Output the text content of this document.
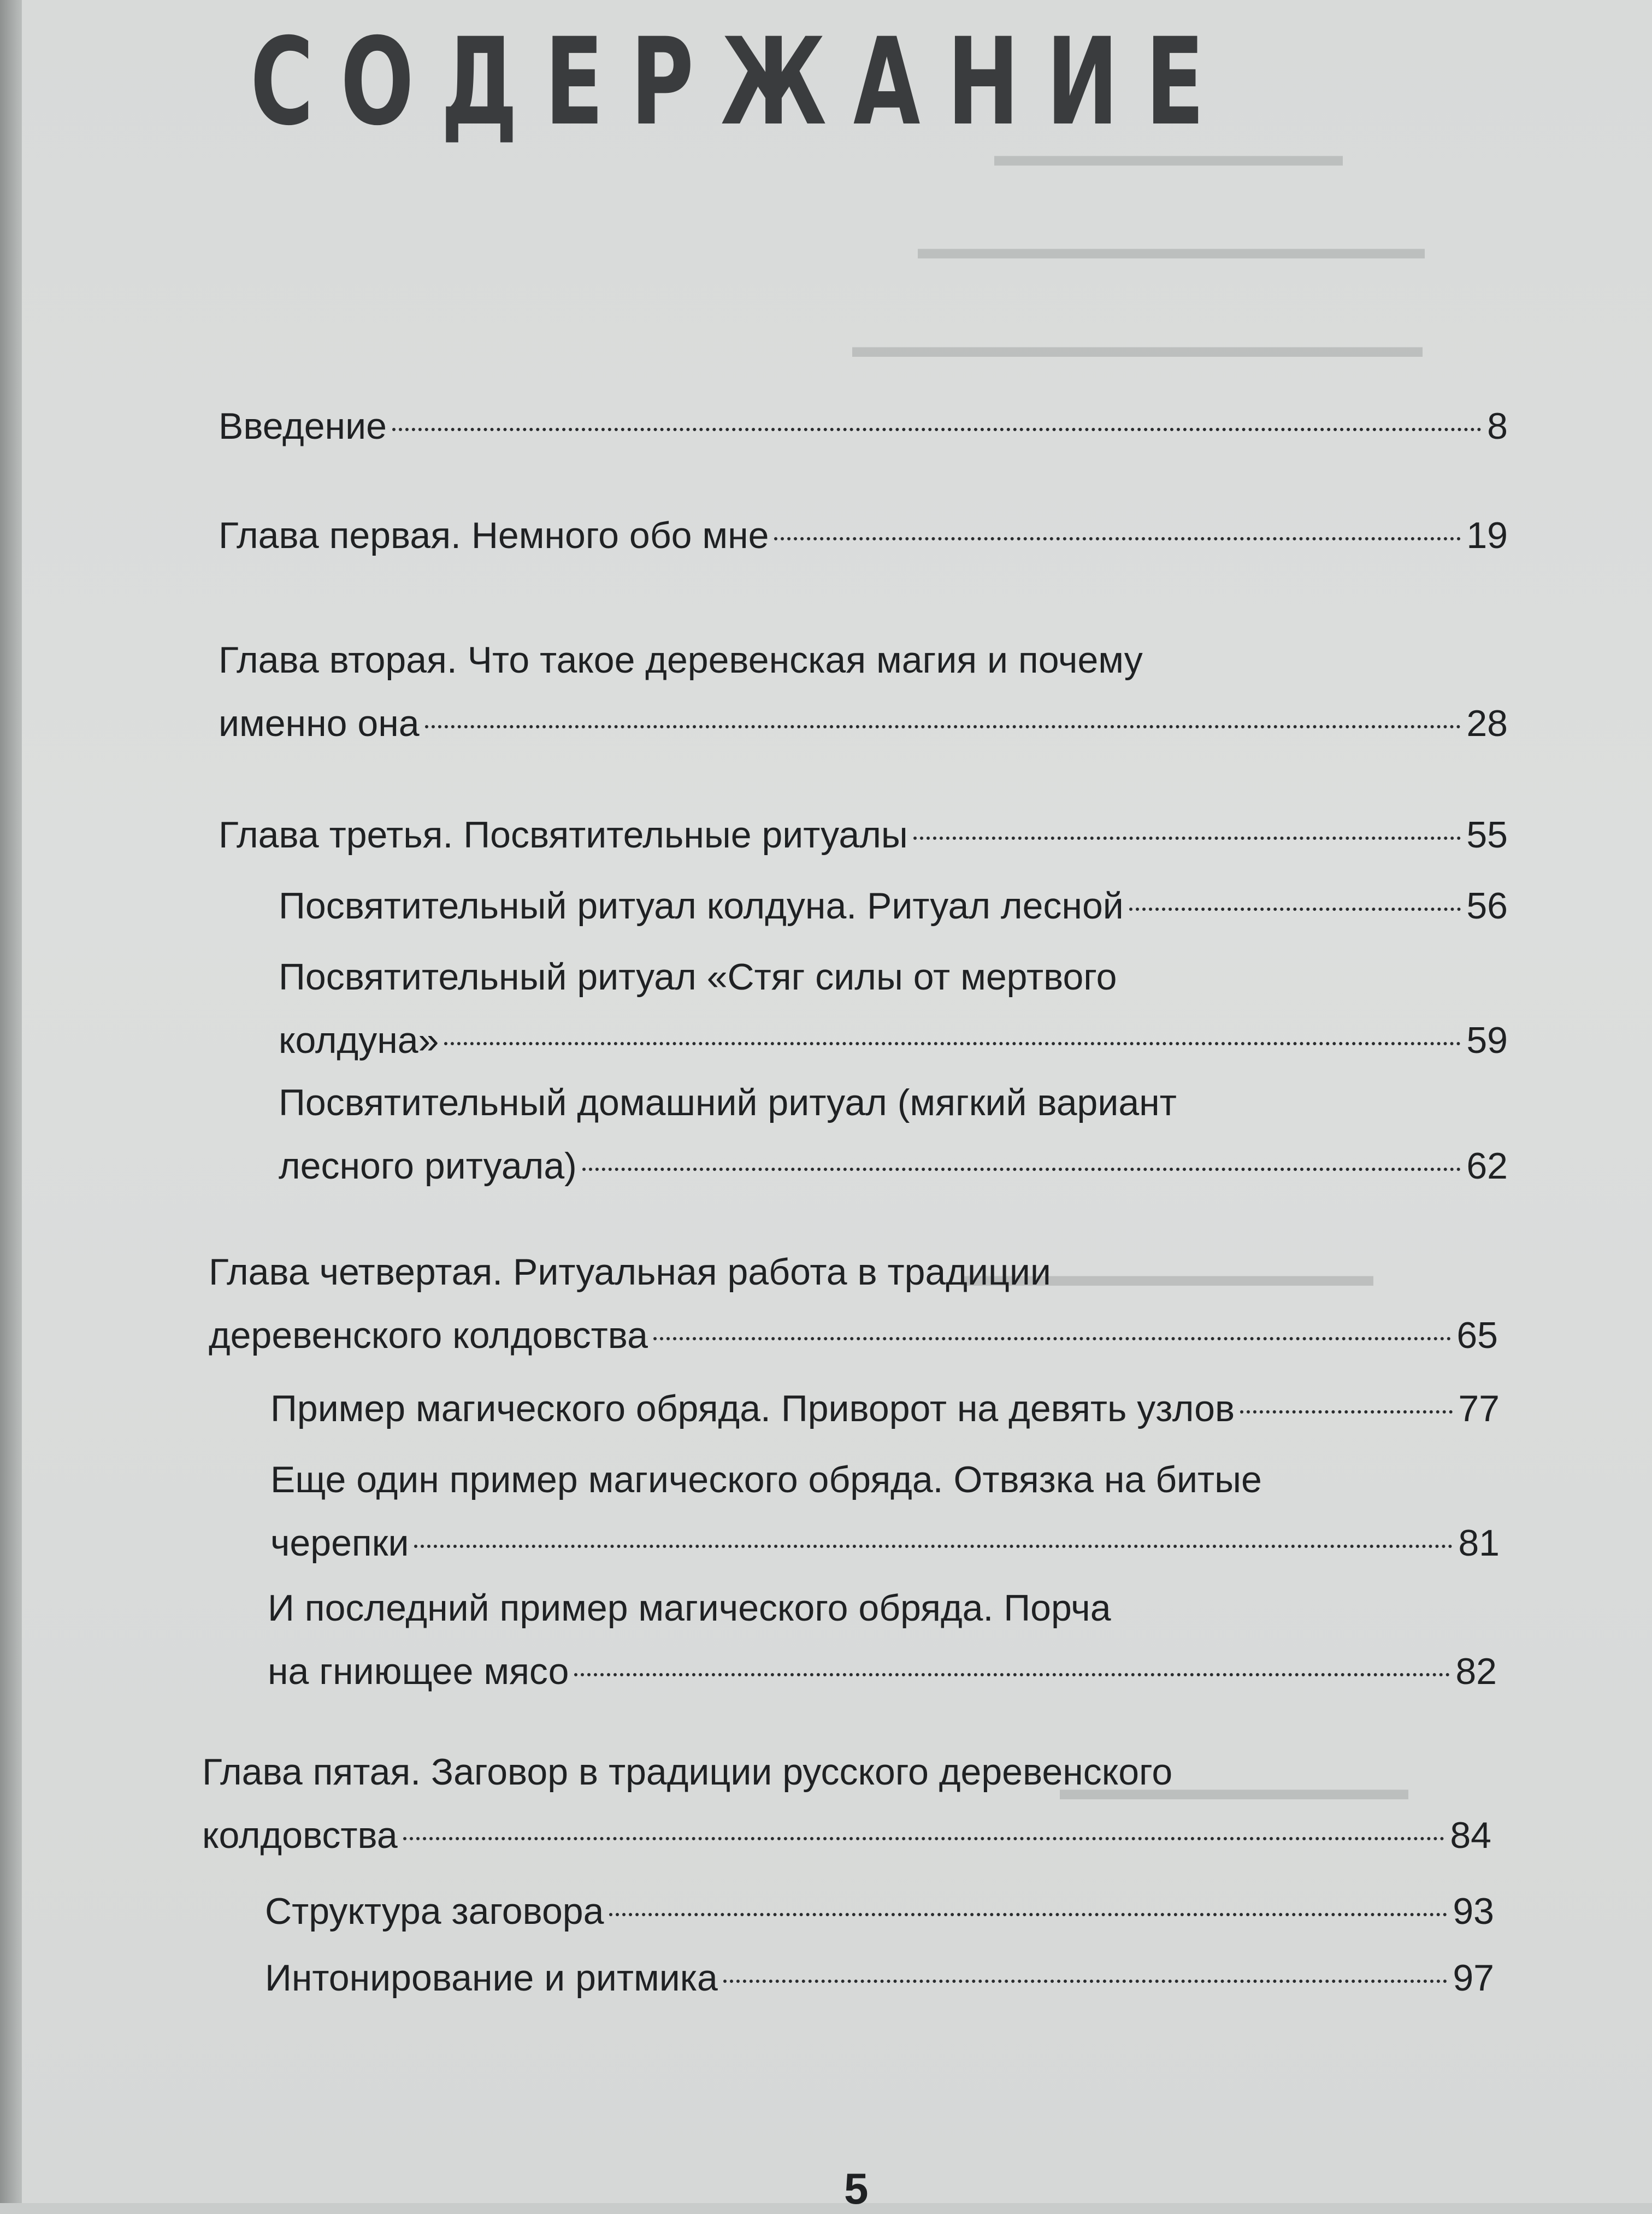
▬▬▬▬▬▬▬▬▬▬▬
▬▬▬▬▬▬▬▬▬▬▬▬▬▬▬▬
▬▬▬▬▬▬▬▬▬▬▬▬▬▬▬▬▬▬
▬▬▬▬▬▬▬▬▬▬▬▬▬
▬▬▬▬▬▬▬▬▬▬▬
СОДЕРЖАНИЕ
Введение	8
Глава первая. Немного обо мне	19
Глава вторая. Что такое деревенская магия и почему
именно она	28
Глава третья. Посвятительные ритуалы	55
Посвятительный ритуал колдуна. Ритуал лесной	56
Посвятительный ритуал «Стяг силы от мертвого
колдуна»	59
Посвятительный домашний ритуал (мягкий вариант
лесного ритуала)	62
Глава четвертая. Ритуальная работа в традиции
деревенского колдовства	65
Пример магического обряда. Приворот на девять узлов	77
Еще один пример магического обряда. Отвязка на битые
черепки	81
И последний пример магического обряда. Порча
на гниющее мясо	82
Глава пятая. Заговор в традиции русского деревенского
колдовства	84
Структура заговора	93
Интонирование и ритмика	97
5
